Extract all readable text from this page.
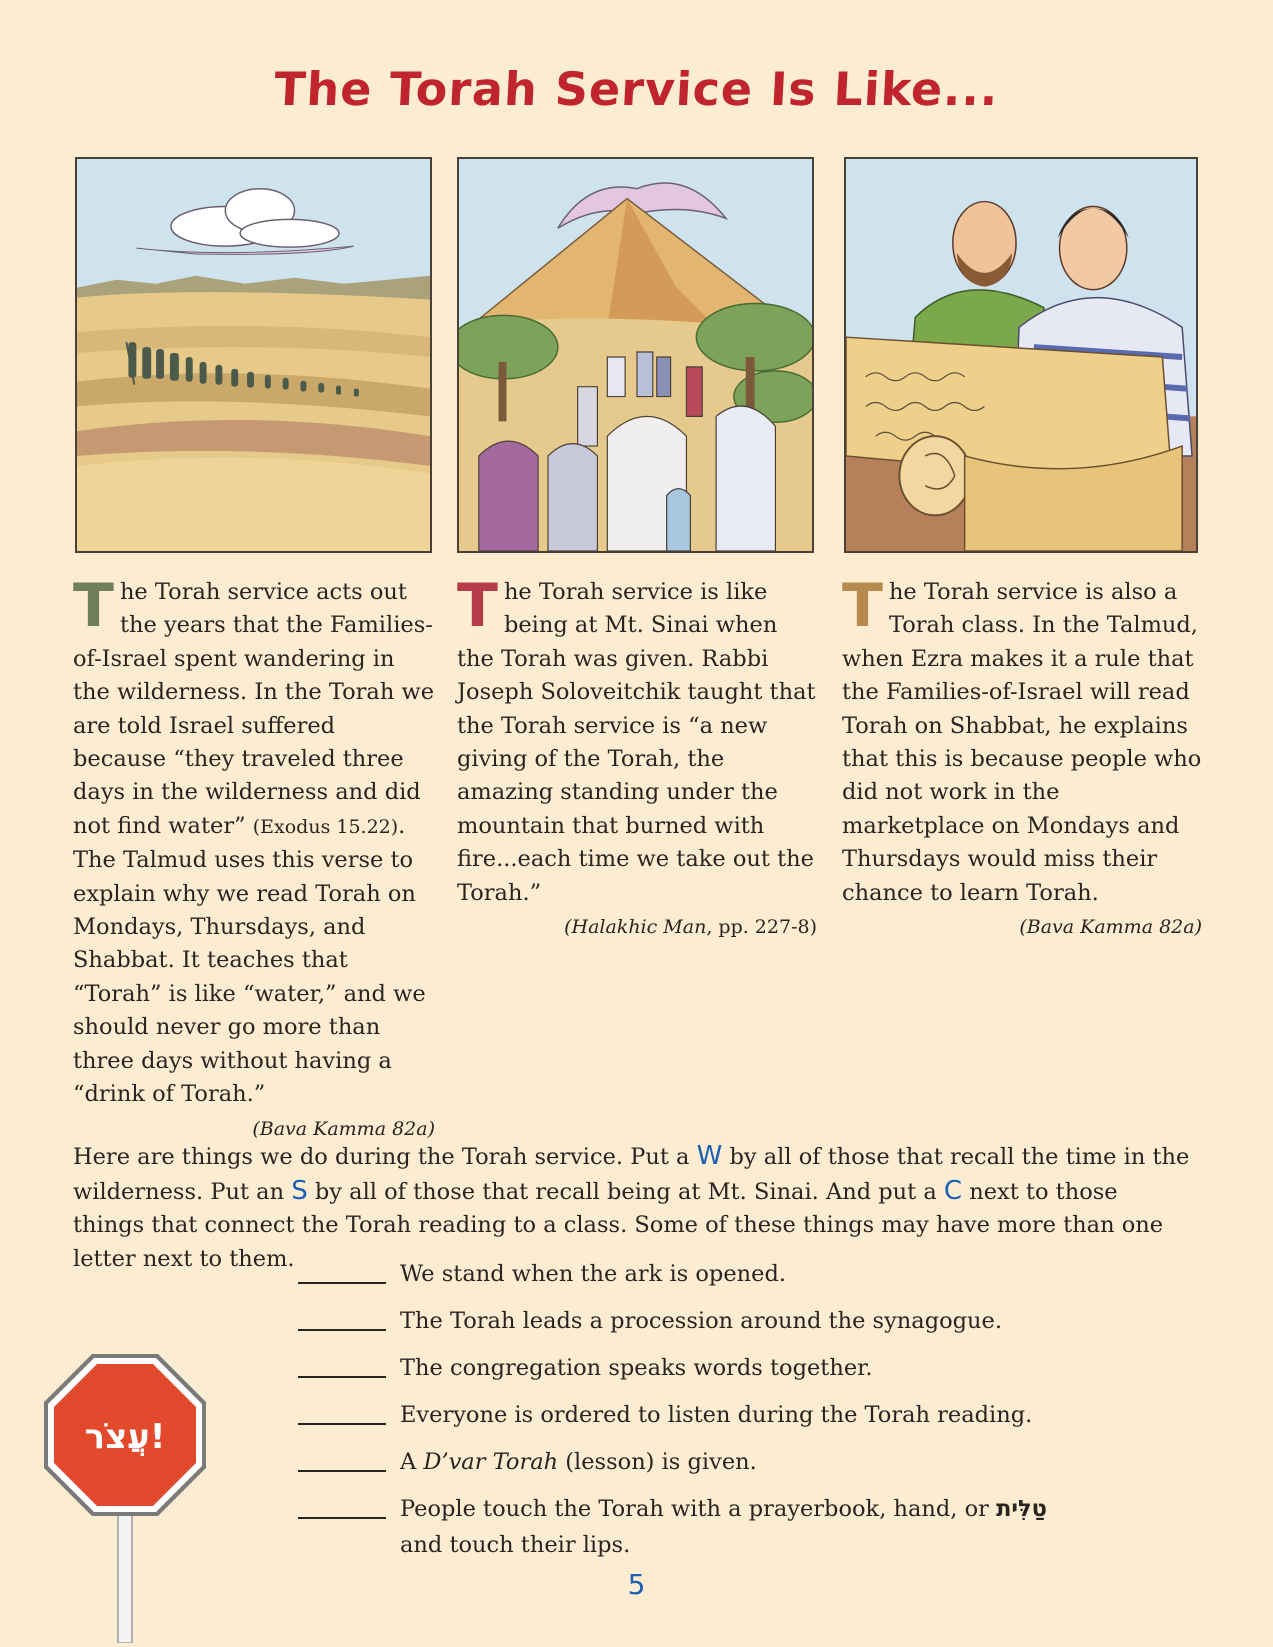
The Torah Service Is Like...
The Torah service acts out the years that the Families-of-Israel spent wandering in the wilderness. In the Torah we are told Israel suffered because “they traveled three days in the wilderness and did not find water” (Exodus 15.22). The Talmud uses this verse to explain why we read Torah on Mondays, Thursdays, and Shabbat. It teaches that “Torah” is like “water,” and we should never go more than three days without having a “drink of Torah.”
(Bava Kamma 82a)
The Torah service is like being at Mt. Sinai when the Torah was given. Rabbi Joseph Soloveitchik taught that the Torah service is “a new giving of the Torah, the amazing standing under the mountain that burned with fire...each time we take out the Torah.”
(Halakhic Man, pp. 227-8)
The Torah service is also a Torah class. In the Talmud, when Ezra makes it a rule that the Families-of-Israel will read Torah on Shabbat, he explains that this is because people who did not work in the marketplace on Mondays and Thursdays would miss their chance to learn Torah.
(Bava Kamma 82a)
Here are things we do during the Torah service. Put a W by all of those that recall the time in the wilderness. Put an S by all of those that recall being at Mt. Sinai. And put a C next to those things that connect the Torah reading to a class. Some of these things may have more than one letter next to them.
We stand when the ark is opened.
The Torah leads a procession around the synagogue.
The congregation speaks words together.
Everyone is ordered to listen during the Torah reading.
A D’var Torah (lesson) is given.
People touch the Torah with a prayerbook, hand, or טַלִּית
and touch their lips.
!עֲצֹר
5
